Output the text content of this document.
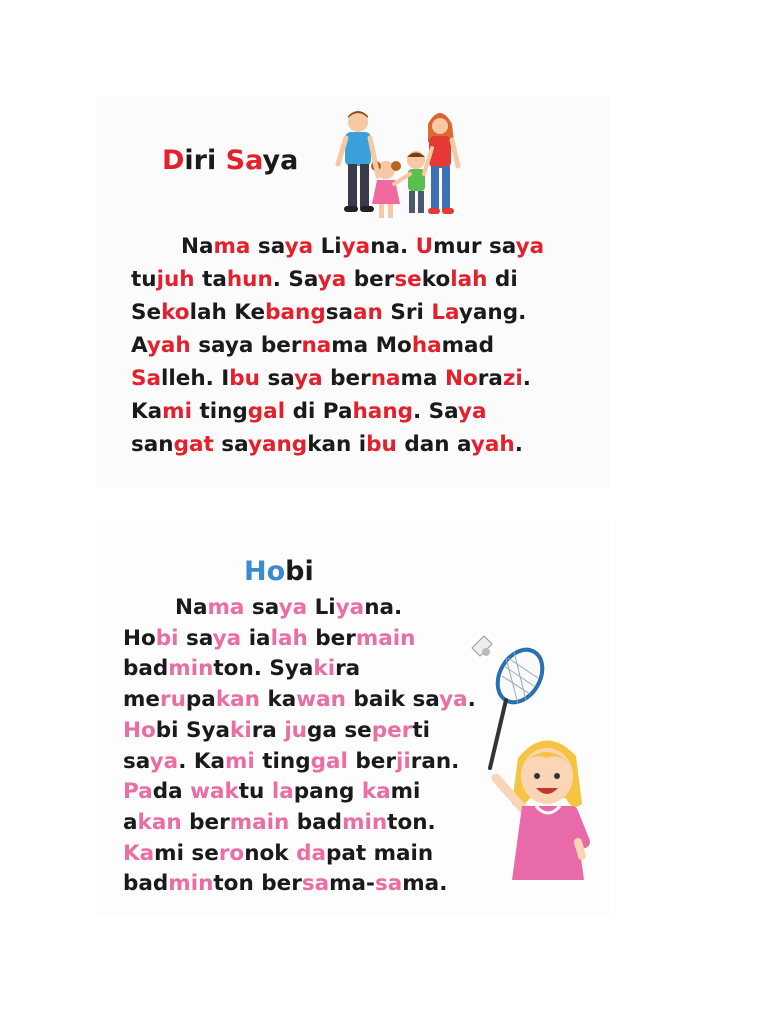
Diri Saya
Hobi

Nama saya Liyana. Umur saya
tujuh tahun. Saya bersekolah di
Sekolah Kebangsaan Sri Layang.
Ayah saya bernama Mohamad
Salleh. Ibu saya bernama Norazi.
Kami tinggal di Pahang. Saya
sangat sayangkan ibu dan ayah.

Nama saya Liyana.
Hobi saya ialah bermain
badminton. Syakira
merupakan kawan baik saya.
Hobi Syakira juga seperti
saya. Kami tinggal berjiran.
Pada waktu lapang kami
akan bermain badminton.
Kami seronok dapat main
badminton bersama-sama.
